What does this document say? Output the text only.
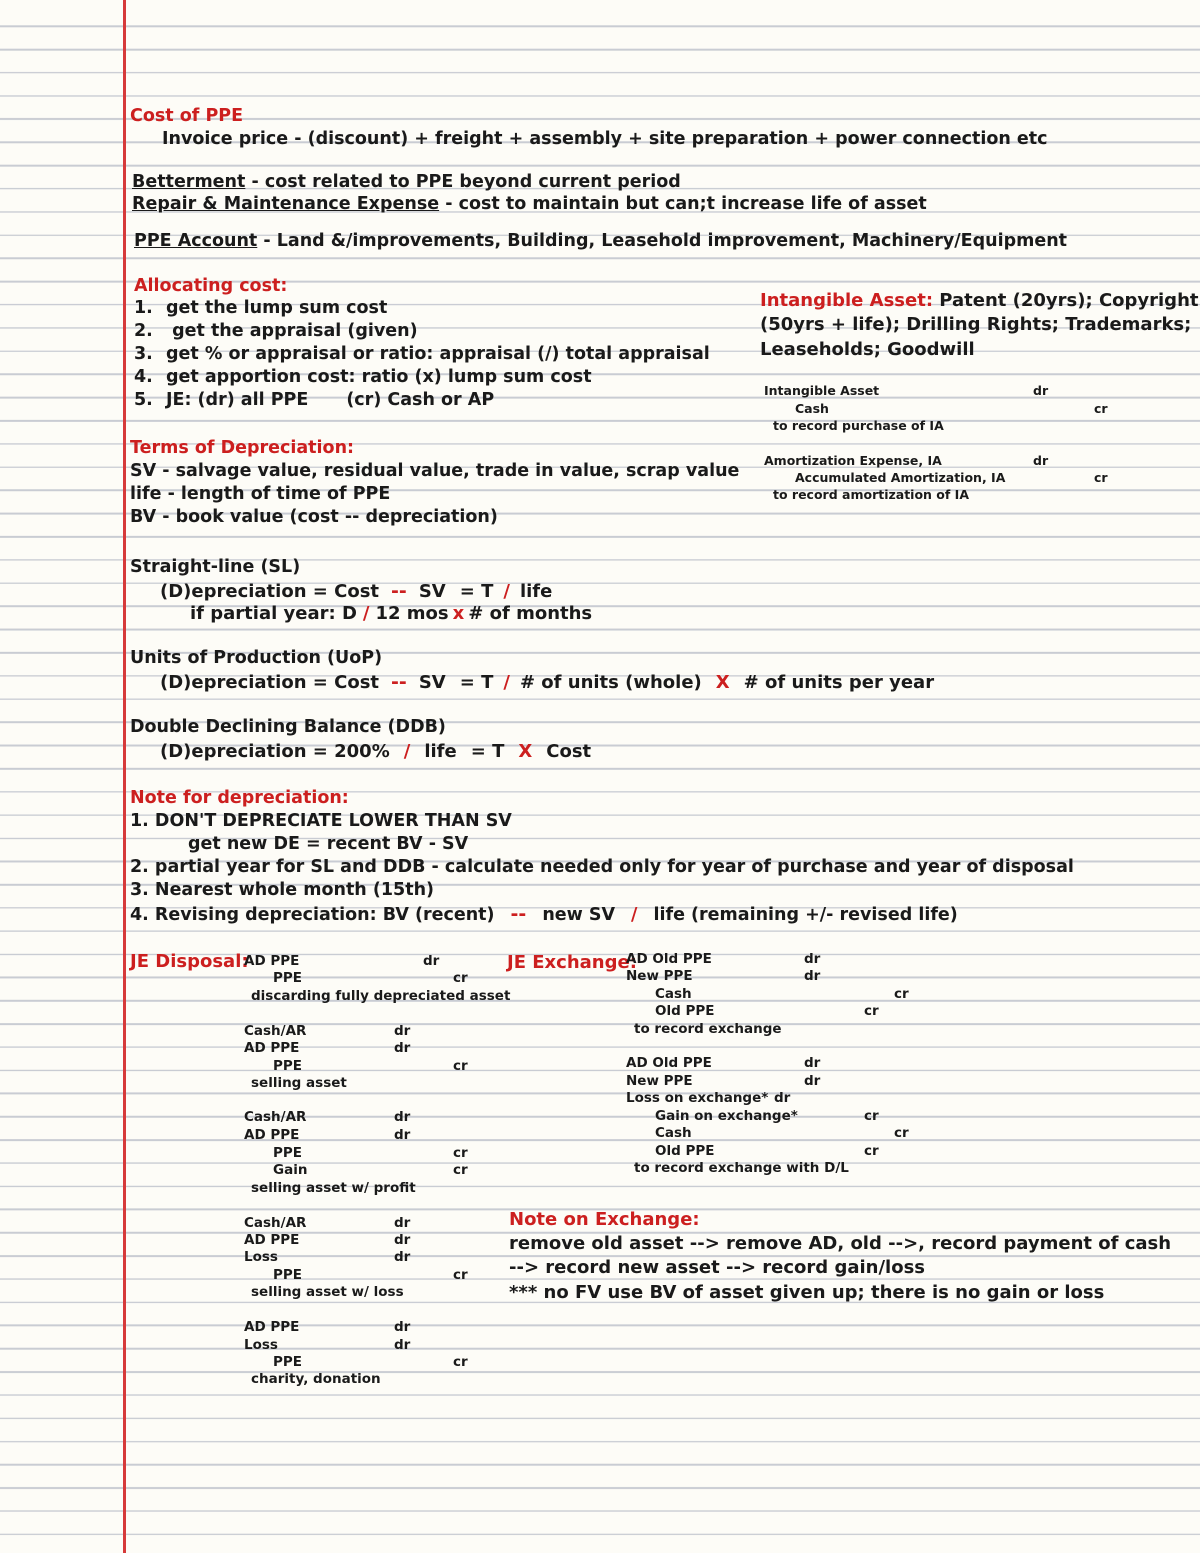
Cost of PPE
Invoice price - (discount) + freight + assembly + site preparation + power connection etc
Betterment - cost related to PPE beyond current period
Repair & Maintenance Expense - cost to maintain but can;t increase life of asset
PPE Account - Land &/improvements, Building, Leasehold improvement, Machinery/Equipment
Allocating cost:
1. get the lump sum cost
2. get the appraisal (given)
3. get % or appraisal or ratio: appraisal (/) total appraisal
4. get apportion cost: ratio (x) lump sum cost
5. JE: (dr) all PPE (cr) Cash or AP
Intangible Asset: Patent (20yrs); Copyright
(50yrs + life); Drilling Rights; Trademarks;
Leaseholds; Goodwill
Intangible Asset	dr
Cash	cr
to record purchase of IA
Amortization Expense, IA	dr
Accumulated Amortization, IA	cr
to record amortization of IA
Terms of Depreciation:
SV - salvage value, residual value, trade in value, scrap value
life - length of time of PPE
BV - book value (cost -- depreciation)
Straight-line (SL)
(D)epreciation = Cost -- SV = T / life
if partial year: D / 12 mos x # of months
Units of Production (UoP)
(D)epreciation = Cost -- SV = T / # of units (whole) X # of units per year
Double Declining Balance (DDB)
(D)epreciation = 200% / life = T X Cost
Note for depreciation:
1. DON'T DEPRECIATE LOWER THAN SV
get new DE = recent BV - SV
2. partial year for SL and DDB - calculate needed only for year of purchase and year of disposal
3. Nearest whole month (15th)
4. Revising depreciation: BV (recent) -- new SV / life (remaining +/- revised life)
JE Disposal:
AD PPE	dr
PPE	cr
discarding fully depreciated asset
Cash/AR	dr
AD PPE	dr
PPE	cr
selling asset
Cash/AR	dr
AD PPE	dr
PPE	cr
Gain	cr
selling asset w/ profit
Cash/AR	dr
AD PPE	dr
Loss	dr
PPE	cr
selling asset w/ loss
AD PPE	dr
Loss	dr
PPE	cr
charity, donation
JE Exchange:
AD Old PPE	dr
New PPE	dr
Cash	cr
Old PPE	cr
to record exchange
AD Old PPE	dr
New PPE	dr
Loss on exchange* dr
Gain on exchange*	cr
Cash	cr
Old PPE	cr
to record exchange with D/L
Note on Exchange:
remove old asset --> remove AD, old -->, record payment of cash
--> record new asset --> record gain/loss
*** no FV use BV of asset given up; there is no gain or loss
